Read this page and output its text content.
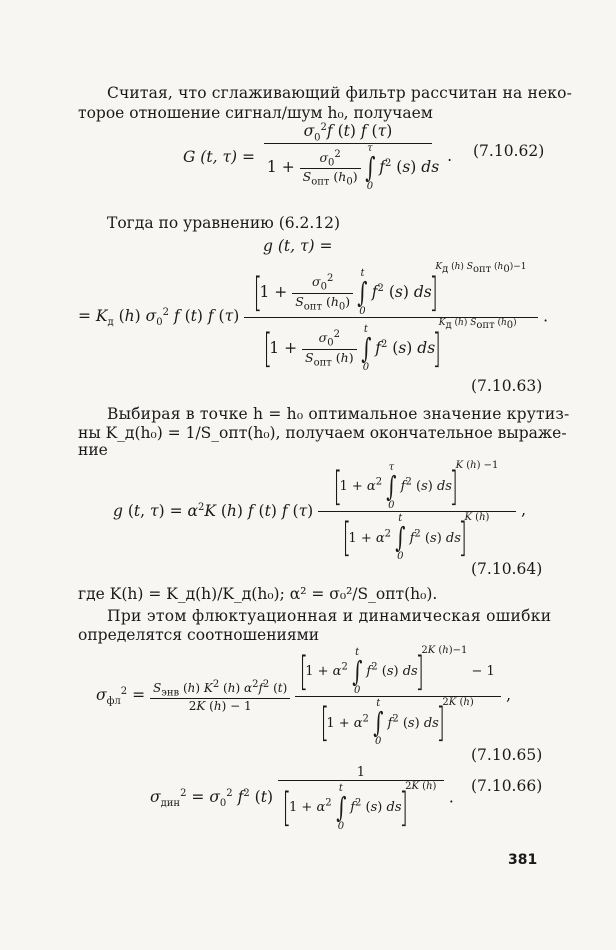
Считая, что сглаживающий фильтр рассчитан на неко-
торое отношение сигнал/шум h₀, получаем
G (t, $\tau) = \sigma_0^2f$ (t) f (τ)
$1 + \frac{\sigma_0^2}{S_{опт} (h_0)}$ τ
∫
0
$f^2$ (s) ds . (7.10.62)
Тогда по уравнению (6.2.12)
g (t, τ) =
= $K_д$ (h) $\sigma_0^2$ f (t) f (τ) [$1 + \frac{\sigma_0^2}{S_{опт} (h_0)}$ t
∫
0
$f^2$ (s) ds]$^{K_д (h) S_{опт} (h_0)-1}$
[$1 + \frac{\sigma_0^2}{S_{опт} (h)}$ t
∫
0
$f^2$ (s) ds]$^{K_д (h) S_{опт} (h_0)}$ .
(7.10.63)
Выбирая в точке h = h₀ оптимальное значение крутиз-
ны K_д(h₀) = 1/S_опт(h₀), получаем окончательное выраже-
ние
g (t, $\tau) = \alpha^2K$ (h) f (t) f (τ) [$1 + \alpha^2$
τ
∫
0
$f^2$ (s) ds]$^{K (h) -1}$
[$1 + \alpha^2$
t
∫
0
$f^2$ (s) ds]$^{K (h)}$ ,
(7.10.64)
где K(h) = K_д(h)/K_д(h₀); α² = σ₀²/S_опт(h₀).
При этом флюктуационная и динамическая ошибки
определятся соотношениями
$\sigma_{фл}^2 = \frac{S_{энв} (h) K^2 (h) \alpha^2f^2 (t)}{2K (h) - 1}$
[$1 + \alpha^2$
t
∫
0
$f^2$ (s) ds]$^{2K (h)-1}$ − 1
[$1 + \alpha^2$
t
∫
0
$f^2$ (s) ds]$^{2K (h)}$ ,
(7.10.65)
$\sigma_{дин}^2 = \sigma_0^2$ $f^2$ (t) 1
[$1 + \alpha^2$
t
∫
0
$f^2$ (s) ds]$^{2K (h)}$ .
(7.10.66)
381
